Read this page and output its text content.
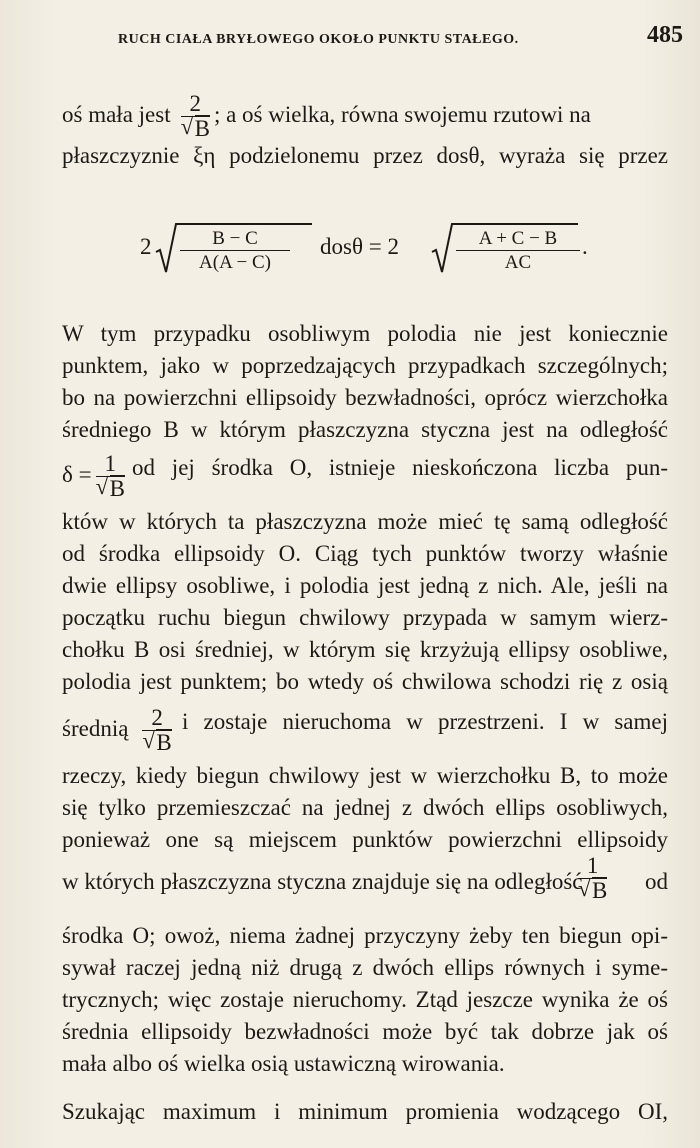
RUCH CIAŁA BRYŁOWEGO OKOŁO PUNKTU STAŁEGO.	485
oś mała jest 2
√ B ; a oś wielka, równa swojemu rzutowi na
płaszczyznie ξη podzielonemu przez dosθ, wyraża się przez
$2 \frac{B - C}{A(A - C)}$ dosθ = 2	$\frac{A + C - B}{AC}$ .
W tym przypadku osobliwym polodia nie jest koniecznie
punktem, jako w poprzedzających przypadkach szczególnych;
bo na powierzchni ellipsoidy bezwładności, oprócz wierzchołka
średniego B w którym płaszczyzna styczna jest na odległość
δ = 1
√ B od jej środka O, istnieje nieskończona liczba pun-
któw w których ta płaszczyzna może mieć tę samą odległość
od środka ellipsoidy O. Ciąg tych punktów tworzy właśnie
dwie ellipsy osobliwe, i polodia jest jedną z nich. Ale, jeśli na
początku ruchu biegun chwilowy przypada w samym wierz-
chołku B osi średniej, w którym się krzyżują ellipsy osobliwe,
polodia jest punktem; bo wtedy oś chwilowa schodzi rię z osią
średnią 2
√ B i zostaje nieruchoma w przestrzeni. I w samej
rzeczy, kiedy biegun chwilowy jest w wierzchołku B, to może
się tylko przemieszczać na jednej z dwóch ellips osobliwych,
ponieważ one są miejscem punktów powierzchni ellipsoidy
w których płaszczyzna styczna znajduje się na odległość
1
√ B od
środka O; owoż, niema żadnej przyczyny żeby ten biegun opi-
sywał raczej jedną niż drugą z dwóch ellips równych i syme-
trycznych; więc zostaje nieruchomy. Ztąd jeszcze wynika że oś
średnia ellipsoidy bezwładności może być tak dobrze jak oś
mała albo oś wielka osią ustawiczną wirowania.
Szukając maximum i minimum promienia wodzącego OI,
